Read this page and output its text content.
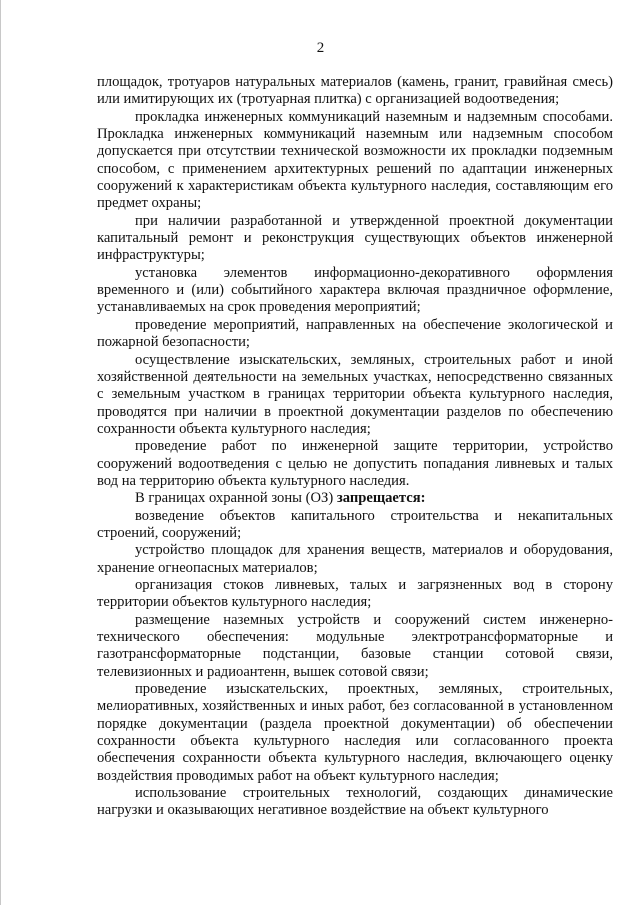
2

площадок, тротуаров натуральных материалов (камень, гранит, гравийная смесь) или имитирующих их (тротуарная плитка) с организацией водоотведения;

прокладка инженерных коммуникаций наземным и надземным способами. Прокладка инженерных коммуникаций наземным или надземным способом допускается при отсутствии технической возможности их прокладки подземным способом, с применением архитектурных решений по адаптации инженерных сооружений к характеристикам объекта культурного наследия, составляющим его предмет охраны;

при наличии разработанной и утвержденной проектной документации капитальный ремонт и реконструкция существующих объектов инженерной инфраструктуры;

установка элементов информационно-декоративного оформления временного и (или) событийного характера включая праздничное оформление, устанавливаемых на срок проведения мероприятий;

проведение мероприятий, направленных на обеспечение экологической и пожарной безопасности;

осуществление изыскательских, земляных, строительных работ и иной хозяйственной деятельности на земельных участках, непосредственно связанных с земельным участком в границах территории объекта культурного наследия, проводятся при наличии в проектной документации разделов по обеспечению сохранности объекта культурного наследия;

проведение работ по инженерной защите территории, устройство сооружений водоотведения с целью не допустить попадания ливневых и талых вод на территорию объекта культурного наследия.

В границах охранной зоны (ОЗ) запрещается:

возведение объектов капитального строительства и некапитальных строений, сооружений;

устройство площадок для хранения веществ, материалов и оборудования, хранение огнеопасных материалов;

организация стоков ливневых, талых и загрязненных вод в сторону территории объектов культурного наследия;

размещение наземных устройств и сооружений систем инженерно-технического обеспечения: модульные электротрансформаторные и газотрансформаторные подстанции, базовые станции сотовой связи, телевизионных и радиоантенн, вышек сотовой связи;

проведение изыскательских, проектных, земляных, строительных, мелиоративных, хозяйственных и иных работ, без согласованной в установленном порядке документации (раздела проектной документации) об обеспечении сохранности объекта культурного наследия или согласованного проекта обеспечения сохранности объекта культурного наследия, включающего оценку воздействия проводимых работ на объект культурного наследия;

использование строительных технологий, создающих динамические нагрузки и оказывающих негативное воздействие на объект культурного
